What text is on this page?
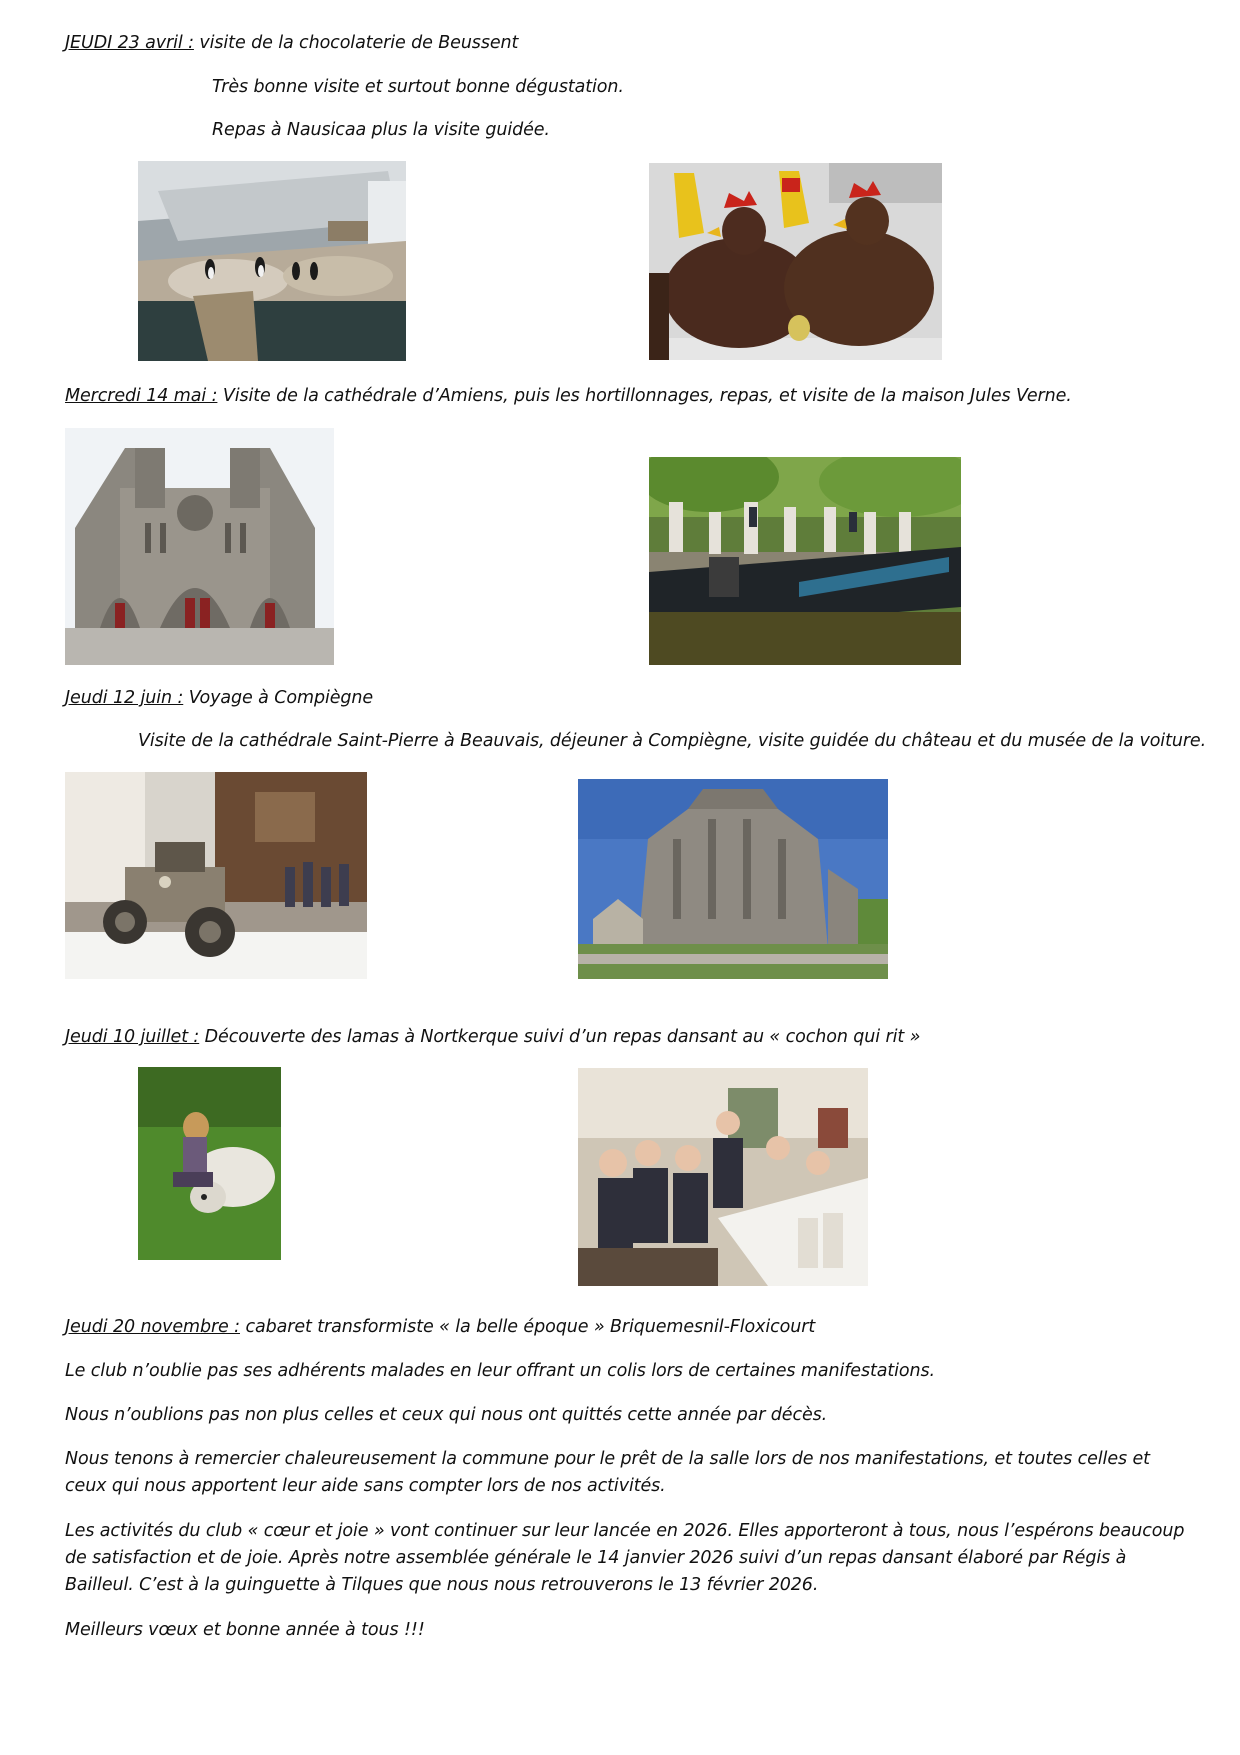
JEUDI 23 avril : visite de la chocolaterie de Beussent
Très bonne visite et surtout bonne dégustation.
Repas à Nausicaa plus la visite guidée.
Mercredi 14 mai : Visite de la cathédrale d’Amiens, puis les hortillonnages, repas, et visite de la maison Jules Verne.
Jeudi 12 juin : Voyage à Compiègne
Visite de la cathédrale Saint-Pierre à Beauvais, déjeuner à Compiègne, visite guidée du château et du musée de la voiture.
Jeudi 10 juillet : Découverte des lamas à Nortkerque suivi d’un repas dansant au « cochon qui rit »
Jeudi 20 novembre : cabaret transformiste « la belle époque » Briquemesnil-Floxicourt
Le club n’oublie pas ses adhérents malades en leur offrant un colis lors de certaines manifestations.
Nous n’oublions pas non plus celles et ceux qui nous ont quittés cette année par décès.
Nous tenons à remercier chaleureusement la commune pour le prêt de la salle lors de nos manifestations, et toutes celles et ceux qui nous apportent leur aide sans compter lors de nos activités.
Les activités du club « cœur et joie » vont continuer sur leur lancée en 2026. Elles apporteront à tous, nous l’espérons beaucoup de satisfaction et de joie. Après notre assemblée générale le 14 janvier 2026 suivi d’un repas dansant élaboré par Régis à Bailleul. C’est à la guinguette à Tilques que nous nous retrouverons le 13 février 2026.
Meilleurs vœux et bonne année à tous !!!
